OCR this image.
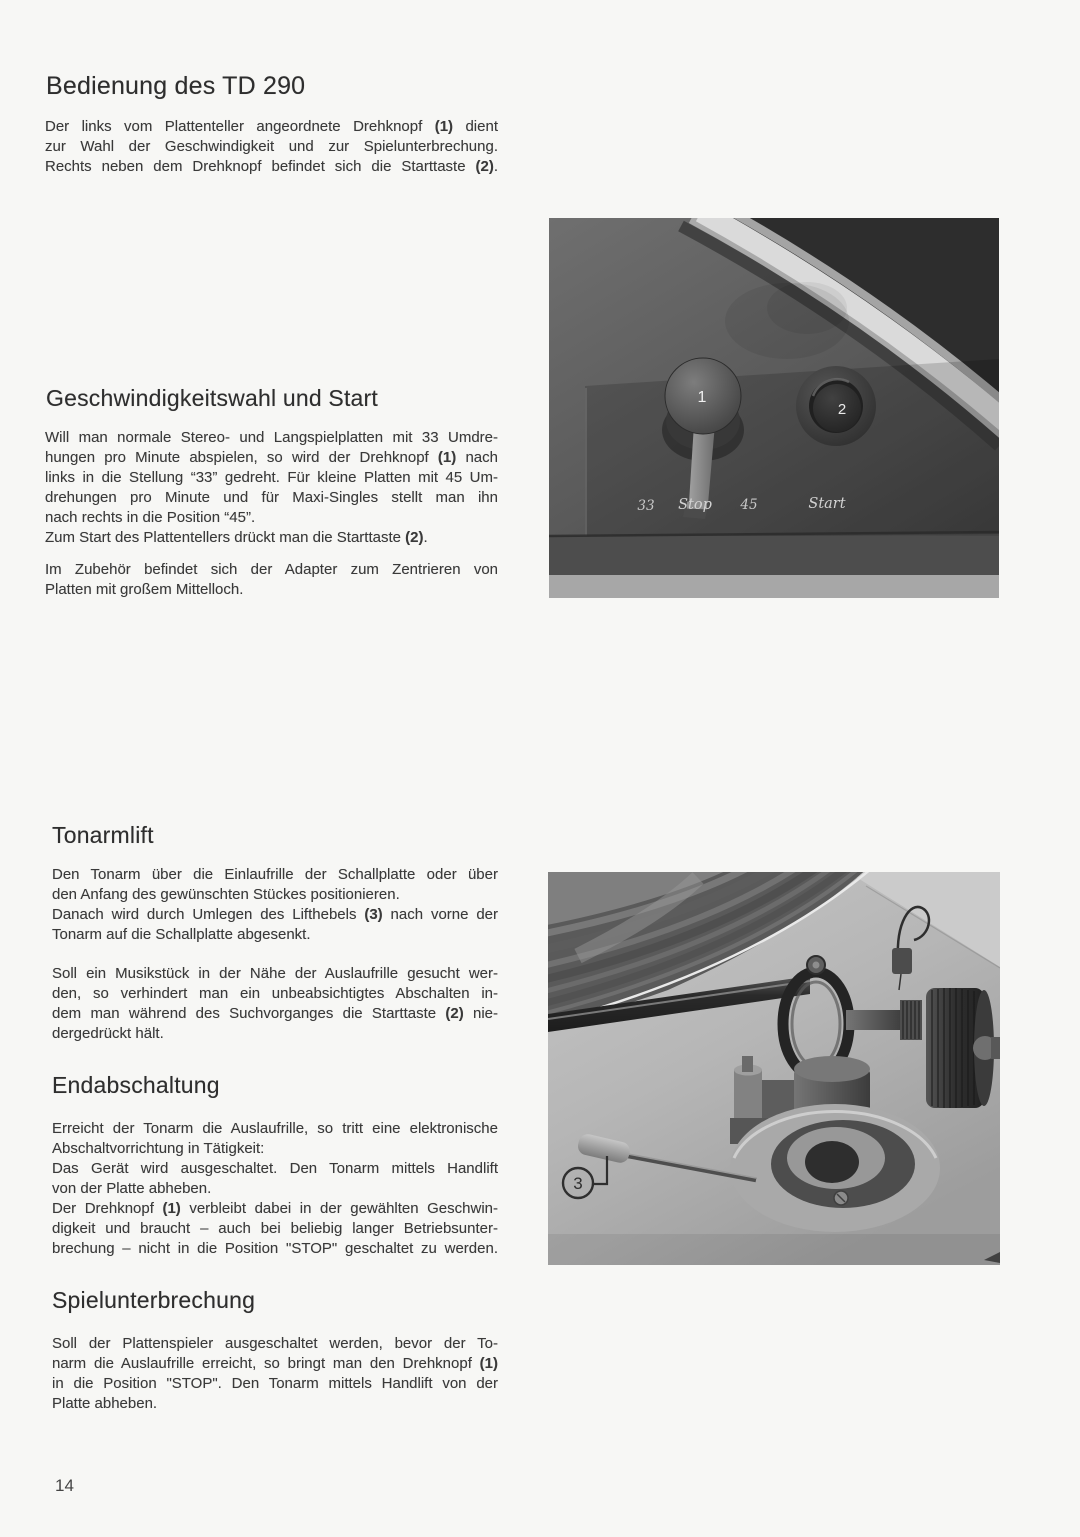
Bedienung des TD 290
Der links vom Plattenteller angeordnete Drehknopf (1) dient
zur Wahl der Geschwindigkeit und zur Spielunterbrechung.
Rechts neben dem Drehknopf befindet sich die Starttaste (2).
Geschwindigkeitswahl und Start
Will man normale Stereo- und Langspielplatten mit 33 Umdre-
hungen pro Minute abspielen, so wird der Drehknopf (1) nach
links in die Stellung “33” gedreht. Für kleine Platten mit 45 Um-
drehungen pro Minute und für Maxi-Singles stellt man ihn
nach rechts in die Position “45”.
Zum Start des Plattentellers drückt man die Starttaste (2).
Im Zubehör befindet sich der Adapter zum Zentrieren von
Platten mit großem Mittelloch.
1
2
33 Stop 45	Start
Tonarmlift
Den Tonarm über die Einlaufrille der Schallplatte oder über
den Anfang des gewünschten Stückes positionieren.
Danach wird durch Umlegen des Lifthebels (3) nach vorne der
Tonarm auf die Schallplatte abgesenkt.
Soll ein Musikstück in der Nähe der Auslaufrille gesucht wer-
den, so verhindert man ein unbeabsichtigtes Abschalten in-
dem man während des Suchvorganges die Starttaste (2) nie-
dergedrückt hält.
Endabschaltung
Erreicht der Tonarm die Auslaufrille, so tritt eine elektronische
Abschaltvorrichtung in Tätigkeit:
Das Gerät wird ausgeschaltet. Den Tonarm mittels Handlift
von der Platte abheben.
Der Drehknopf (1) verbleibt dabei in der gewählten Geschwin-
digkeit und braucht – auch bei beliebig langer Betriebsunter-
brechung – nicht in die Position "STOP" geschaltet zu werden.
Spielunterbrechung
Soll der Plattenspieler ausgeschaltet werden, bevor der To-
narm die Auslaufrille erreicht, so bringt man den Drehknopf (1)
in die Position "STOP". Den Tonarm mittels Handlift von der
Platte abheben.
3
14
